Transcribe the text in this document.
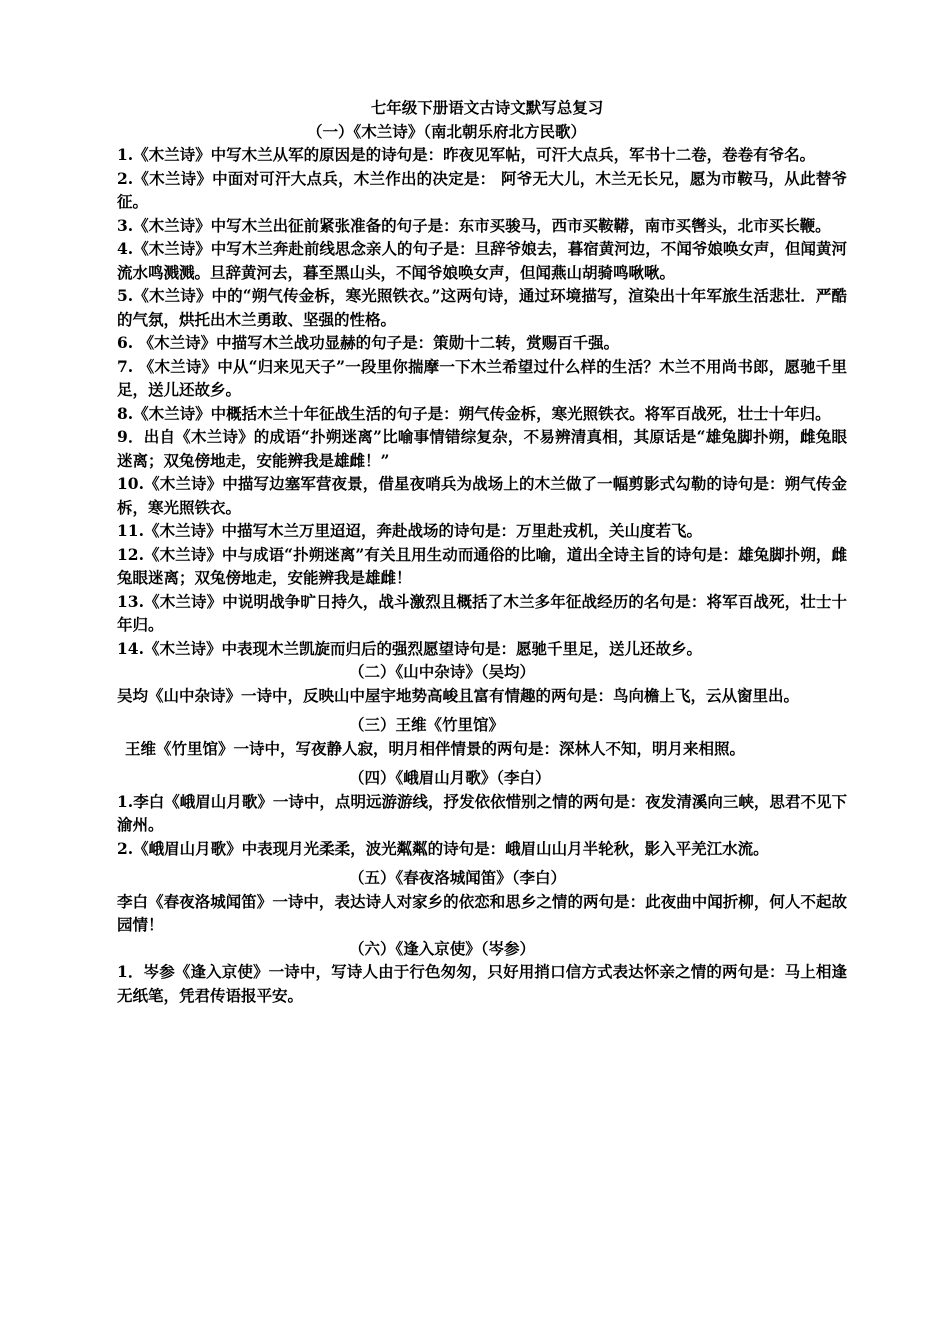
七年级下册语文古诗文默写总复习

（一）《木兰诗》（南北朝乐府北方民歌）

1.《木兰诗》中写木兰从军的原因是的诗句是：昨夜见军帖，可汗大点兵，军书十二卷，卷卷有爷名。

2.《木兰诗》中面对可汗大点兵，木兰作出的决定是： 阿爷无大儿，木兰无长兄，愿为市鞍马，从此替爷征。

3.《木兰诗》中写木兰出征前紧张准备的句子是：东市买骏马，西市买鞍鞯，南市买辔头，北市买长鞭。

4.《木兰诗》中写木兰奔赴前线思念亲人的句子是：旦辞爷娘去，暮宿黄河边，不闻爷娘唤女声，但闻黄河流水鸣溅溅。旦辞黄河去，暮至黑山头，不闻爷娘唤女声，但闻燕山胡骑鸣啾啾。

5.《木兰诗》中的“朔气传金柝，寒光照铁衣。”这两句诗，通过环境描写，渲染出十年军旅生活悲壮．严酷的气氛，烘托出木兰勇敢、坚强的性格。

6. 《木兰诗》中描写木兰战功显赫的句子是：策勋十二转，赏赐百千强。

7. 《木兰诗》中从“归来见天子”一段里你揣摩一下木兰希望过什么样的生活？木兰不用尚书郎，愿驰千里足，送儿还故乡。

8.《木兰诗》中概括木兰十年征战生活的句子是：朔气传金柝，寒光照铁衣。将军百战死，壮士十年归。

9．出自《木兰诗》的成语“扑朔迷离”比喻事情错综复杂，不易辨清真相，其原话是“雄兔脚扑朔，雌兔眼迷离；双兔傍地走，安能辨我是雄雌！”

10.《木兰诗》中描写边塞军营夜景，借星夜哨兵为战场上的木兰做了一幅剪影式勾勒的诗句是：朔气传金柝，寒光照铁衣。

11.《木兰诗》中描写木兰万里迢迢，奔赴战场的诗句是：万里赴戎机，关山度若飞。

12.《木兰诗》中与成语“扑朔迷离”有关且用生动而通俗的比喻，道出全诗主旨的诗句是：雄兔脚扑朔，雌兔眼迷离；双兔傍地走，安能辨我是雄雌！

13.《木兰诗》中说明战争旷日持久，战斗激烈且概括了木兰多年征战经历的名句是：将军百战死，壮士十年归。

14.《木兰诗》中表现木兰凯旋而归后的强烈愿望诗句是：愿驰千里足，送儿还故乡。

（二）《山中杂诗》（吴均）

吴均《山中杂诗》一诗中，反映山中屋宇地势高峻且富有情趣的两句是：鸟向檐上飞，云从窗里出。

（三）王维《竹里馆》

王维《竹里馆》一诗中，写夜静人寂，明月相伴情景的两句是：深林人不知，明月来相照。

（四）《峨眉山月歌》（李白）

1.李白《峨眉山月歌》一诗中，点明远游游线，抒发依依惜别之情的两句是：夜发清溪向三峡，思君不见下渝州。

2.《峨眉山月歌》中表现月光柔柔，波光粼粼的诗句是：峨眉山山月半轮秋，影入平羌江水流。

（五）《春夜洛城闻笛》（李白）

李白《春夜洛城闻笛》一诗中，表达诗人对家乡的依恋和思乡之情的两句是：此夜曲中闻折柳，何人不起故园情！

（六）《逢入京使》（岑参）

1．岑参《逢入京使》一诗中，写诗人由于行色匆匆，只好用捎口信方式表达怀亲之情的两句是：马上相逢无纸笔，凭君传语报平安。
